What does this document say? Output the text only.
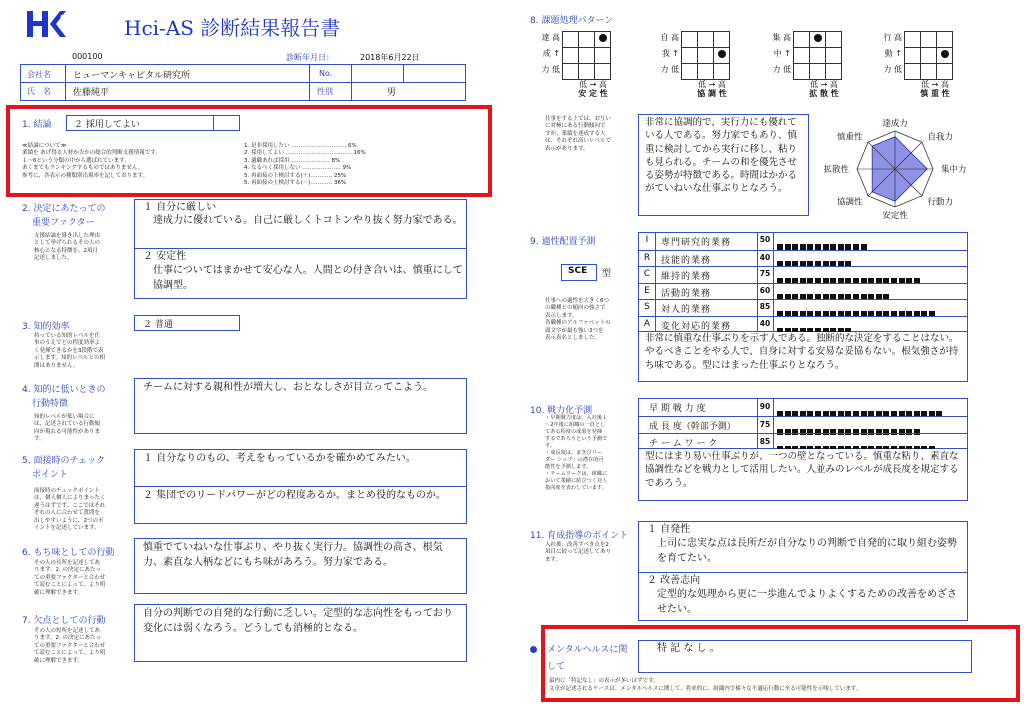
Hci-AS 診断結果報告書
000100	診断年月日：	2018年6月22日
会社名 ヒューマンキャピタル研究所	No.
氏　名 佐藤純平	性別	男
1. 結論	２ 採用してよい
≪結論について≫
業績を あげ得る人材か否かの総合的判断支援情報です。
１〜6という分類の中から選ばれています。
あくまでもランキングするものではありません。
参考に、各表示の種類別出現率を記しております。
1. 是非採用したい ………………………… 6%
2. 採用してよい ……………………………… 16%
3. 適職あれば採用 ………………… 8%
4. なるべく採用しない ………………… 9%
5. 再面接の上検討する(＋)………… 25%
5. 再面接の上検討する(－)………… 36%
2. 決定にあたっての
重要ファクター
支援結論を導き出した理由
として挙げられるその人の
核心となる特徴を、2項目
記述しました。
１ 自分に厳しい
達成力に優れている。自己に厳しくトコトンやり抜く努力家である。
２ 安定性
仕事についてはまかせて安心な人。人間との付き合いは、慎重にして協調型。
3. 知的効率	２ 普通
持っている知的レベルを仕
事のうえでどの程度効率よ
く発揮できるかを3段階で表
示します。知的レベルとの相
関はありません。
4. 知的に低いときの
行動特徴
知的レベルが低い場合に
は、記述されている行動傾
向が現れる可能性がありま
す。
チームに対する親和性が増大し、おとなしさが目立ってこよう。
5. 面接時のチェック
ポイント
面接時のチェックポイント
は、個人個人によりまったく
違うはずです。ここではそれ
ぞれの人に合わせて質問を
出しやすいように、2つのポ
イントを記述しています。
１ 自分なりのもの、考えをもっているかを確かめてみたい。
２ 集団でのリードパワーがどの程度あるか。まとめ役的なものか。
6. もち味としての行動
その人の長所を記述してあ
ります。2. の決定にあたっ
ての重要ファクターと合わせ
て読むことによって、より明
確に理解できます。
慎重でていねいな仕事ぶり、やり抜く実行力。協調性の高さ、根気力、素直な人柄などにもち味があろう。努力家である。
7. 欠点としての行動
その人の短所を記述してあ
ります。2. の決定にあたっ
ての重要ファクターと合わせ
て読むことによって、より明
確に理解できます。
自分の判断での自発的な行動に乏しい。定型的な志向性をもっており変化には弱くなろう。どうしても消極的となる。
8. 課題処理パターン
達 高
成 ↑
力 低

低 → 高
安 定 性
自 高
我 ↑
力 低

低 → 高
協 調 性
集 高
中 ↑
力 低

低 → 高
拡 散 性
行 高
動 ↑
力 低

低 → 高
慎 重 性
仕事をする上では、お互い
に対極にある行動傾向で
すが、業績を達成する人
は、それぞれ高いレベルで
表示があります。
非常に協調的で、実行力にも優れている人である。努力家でもあり、慎重に検討してから実行に移し、粘りも見られる。チームの和を優先させる姿勢が特徴である。時間はかかるがていねいな仕事ぶりとなろう。
達成力
自我力
集中力
行動力
安定性
協調性
拡散性
慎重性
9. 適性配置予測
SCE 型
仕事への適性を大きく6つ
の職種との傾向の強さで
表示します。
各職種のアルファベットの
頭文字が最も強い3つを
表示表名としました。
I	専門研究的業務	50
R	技能的業務	40
C	維持的業務	75
E	活動的業務	60
S	対人的業務	85
A	変化対応的業務	40
非常に慎重な仕事ぶりを示す人である。独断的な決定をすることはない。やるべきことをやる人で、自身に対する安易な妥協もない。根気強さが持ち味である。型にはまった仕事ぶりとなろう。
10. 戦力化予測
・早期戦力度は、入社後１
〜2年後に組織の一員とし
てある程度の成果を発揮
するであろうという予測で
す。
・成長度は、まきびリー
ダー シップ」の潜在的可
能性を予測します。
・チームワークは、組織に
おいて業績に結びつく対人
指向度を表わしています。
早 期 戦 力 度	90
成 長 度（幹部予測）	75
チ ー ム ワ ー ク	85
型にはまり易い仕事ぶりが、一つの壁となっている。慎重な粘り、素直な協調性などを戦力として活用したい。人並みのレベルが成長度を規定するであろう。
11. 育成指導のポイント
入社後、改善すべき点を2
項目に絞って記述してあり
ます。
１ 自発性
上司に忠実な点は長所だが自分なりの判断で自発的に取り組む姿勢を育てたい。
２ 改善志向
定型的な処理から更に一歩進んでよりよくするための改善をめざさせたい。
メンタルヘルスに関
して
特 記 な し 。
最内に「特記なし」の表示が多いはずです。
文章が記述されるケースは、メンタルヘルスに関して、将来的に、組織内で様々な不適応行動に至る可能性を示唆しています。
